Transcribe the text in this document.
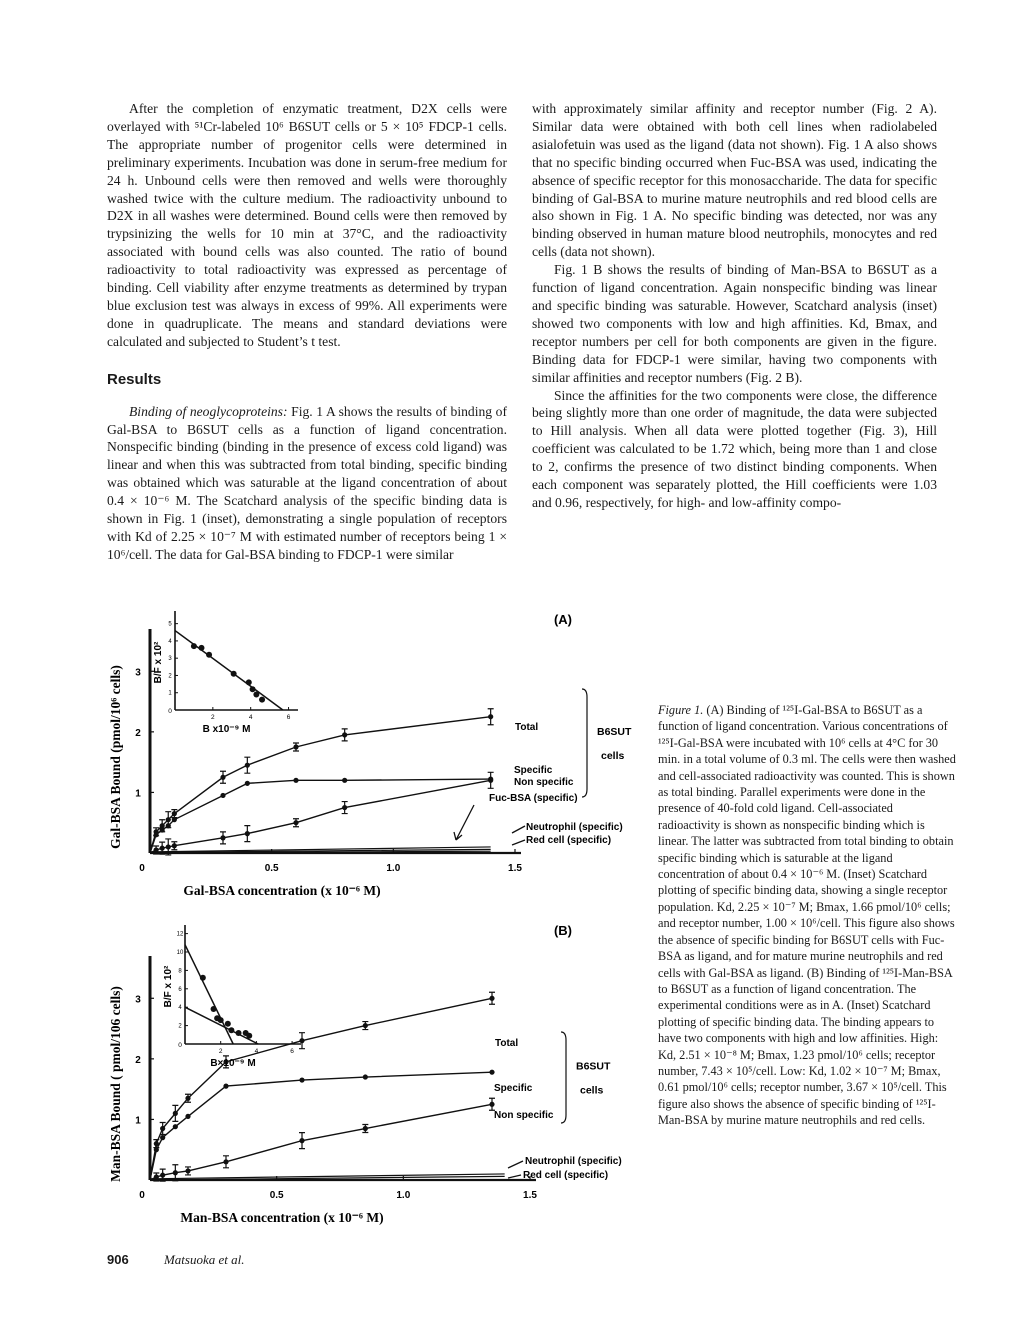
After the completion of enzymatic treatment, D2X cells were overlayed with ⁵¹Cr-labeled 10⁶ B6SUT cells or 5 × 10⁵ FDCP-1 cells. The appropriate number of progenitor cells were determined in preliminary experiments. Incubation was done in serum-free medium for 24 h. Unbound cells were then removed and wells were thoroughly washed twice with the culture medium. The radioactivity unbound to D2X in all washes were determined. Bound cells were then removed by trypsinizing the wells for 10 min at 37°C, and the radioactivity associated with bound cells was also counted. The ratio of bound radioactivity to total radioactivity was expressed as percentage of binding. Cell viability after enzyme treatments as determined by trypan blue exclusion test was always in excess of 99%. All experiments were done in quadruplicate. The means and standard deviations were calculated and subjected to Student’s t test.

Results

Binding of neoglycoproteins: Fig. 1 A shows the results of binding of Gal-BSA to B6SUT cells as a function of ligand concentration. Nonspecific binding (binding in the presence of excess cold ligand) was linear and when this was subtracted from total binding, specific binding was obtained which was saturable at the ligand concentration of about 0.4 × 10⁻⁶ M. The Scatchard analysis of the specific binding data is shown in Fig. 1 (inset), demonstrating a single population of receptors with Kd of 2.25 × 10⁻⁷ M with estimated number of receptors being 1 × 10⁶/cell. The data for Gal-BSA binding to FDCP-1 were similar

with approximately similar affinity and receptor number (Fig. 2 A). Similar data were obtained with both cell lines when radiolabeled asialofetuin was used as the ligand (data not shown). Fig. 1 A also shows that no specific binding occurred when Fuc-BSA was used, indicating the absence of specific receptor for this monosaccharide. The data for specific binding of Gal-BSA to murine mature neutrophils and red blood cells are also shown in Fig. 1 A. No specific binding was detected, nor was any binding observed in human mature blood neutrophils, monocytes and red cells (data not shown).

Fig. 1 B shows the results of binding of Man-BSA to B6SUT as a function of ligand concentration. Again nonspecific binding was linear and specific binding was saturable. However, Scatchard analysis (inset) showed two components with low and high affinities. Kd, Bmax, and receptor numbers per cell for both components are given in the figure. Binding data for FDCP-1 were similar, having two components with similar affinities and receptor numbers (Fig. 2 B).

Since the affinities for the two components were close, the difference being slightly more than one order of magnitude, the data were subjected to Hill analysis. When all data were plotted together (Fig. 3), Hill coefficient was calculated to be 1.72 which, being more than 1 and close to 2, confirms the presence of two distinct binding components. When each component was separately plotted, the Hill coefficients were 1.03 and 0.96, respectively, for high- and low-affinity compo-

0	0.5	1.0	1.5
1
2
3
Gal-BSA concentration (x 10⁻⁶ M)
Gal-BSA Bound (pmol/10⁶ cells)
(A)
Total
Specific
Non specific
Fuc-BSA (specific)
Neutrophil (specific)
Red cell (specific)
B6SUT
cells
0
2	4	6
1
2
3
4
5
B x10⁻⁹ M
B/F x 10²
0	0.5	1.0	1.5
1
2
3
Man-BSA concentration (x 10⁻⁶ M)
Man-BSA Bound ( pmol/106 cells)
(B)
Total
Specific
Non specific
Neutrophil (specific)
Red cell (specific)
B6SUT
cells
0
2	4	6
2
4
6
8
10
12
B×10⁻⁹ M
B/F x 10²
Figure 1. (A) Binding of ¹²⁵I-Gal-BSA to B6SUT as a function of ligand concentration. Various concentrations of ¹²⁵I-Gal-BSA were incubated with 10⁶ cells at 4°C for 30 min. in a total volume of 0.3 ml. The cells were then washed and cell-associated radioactivity was counted. This is shown as total binding. Parallel experiments were done in the presence of 40-fold cold ligand. Cell-associated radioactivity is shown as nonspecific binding which is linear. The latter was subtracted from total binding to obtain specific binding which is saturable at the ligand concentration of about 0.4 × 10⁻⁶ M. (Inset) Scatchard plotting of specific binding data, showing a single receptor population. Kd, 2.25 × 10⁻⁷ M; Bmax, 1.66 pmol/10⁶ cells; and receptor number, 1.00 × 10⁶/cell. This figure also shows the absence of specific binding for B6SUT cells with Fuc-BSA as ligand, and for mature murine neutrophils and red cells with Gal-BSA as ligand. (B) Binding of ¹²⁵I-Man-BSA to B6SUT as a function of ligand concentration. The experimental conditions were as in A. (Inset) Scatchard plotting of specific binding data. The binding appears to have two components with high and low affinities. High: Kd, 2.51 × 10⁻⁸ M; Bmax, 1.23 pmol/10⁶ cells; receptor number, 7.43 × 10⁵/cell. Low: Kd, 1.02 × 10⁻⁷ M; Bmax, 0.61 pmol/10⁶ cells; receptor number, 3.67 × 10⁵/cell. This figure also shows the absence of specific binding of ¹²⁵I-Man-BSA by murine mature neutrophils and red cells.
906	Matsuoka et al.
